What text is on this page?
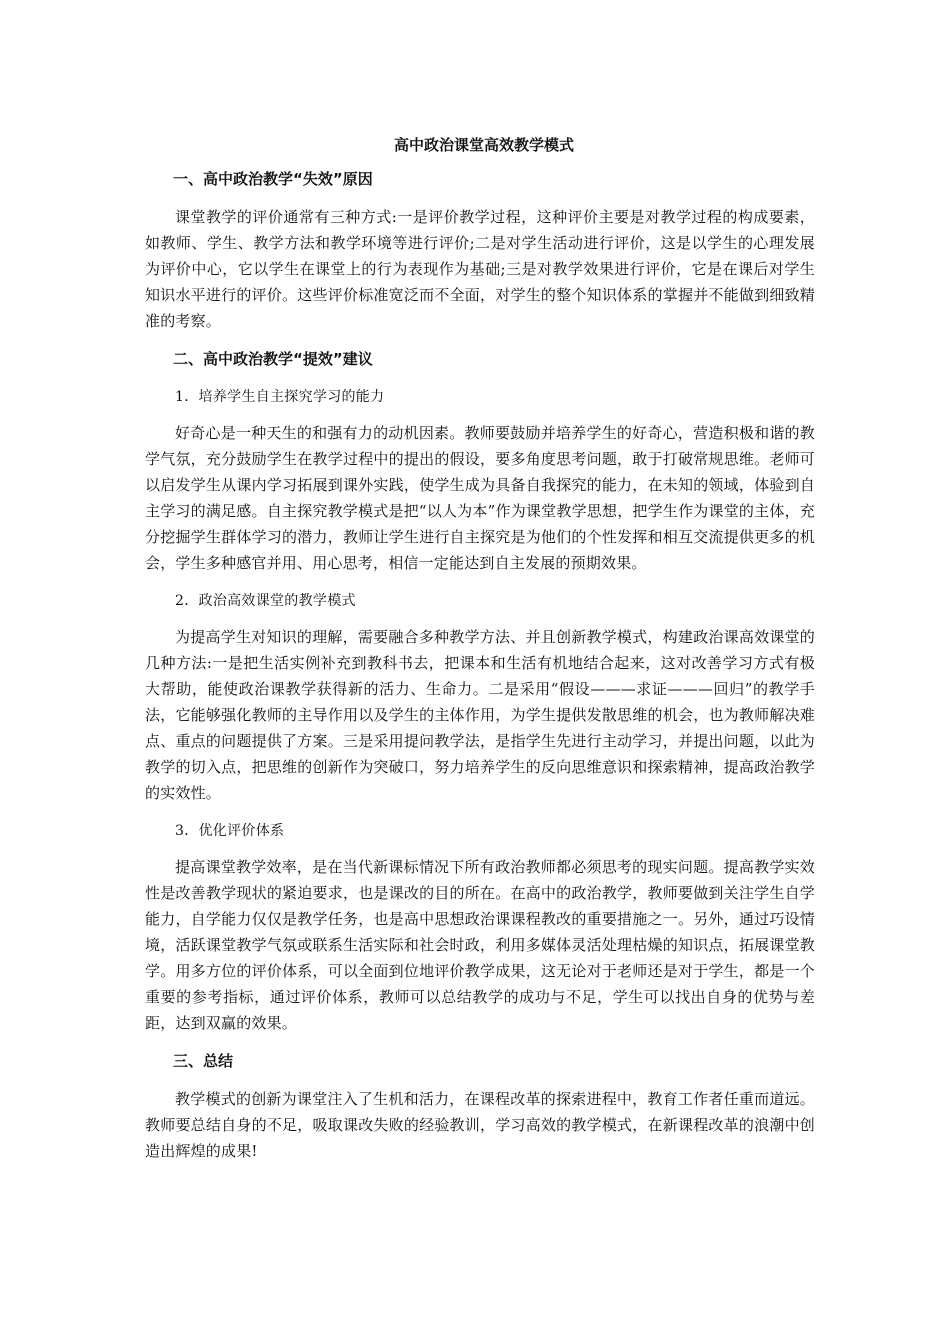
高中政治课堂高效教学模式
一、高中政治教学“失效”原因

课堂教学的评价通常有三种方式:一是评价教学过程，这种评价主要是对教学过程的构成要素，如教师、学生、教学方法和教学环境等进行评价;二是对学生活动进行评价，这是以学生的心理发展为评价中心，它以学生在课堂上的行为表现作为基础;三是对教学效果进行评价，它是在课后对学生知识水平进行的评价。这些评价标准宽泛而不全面，对学生的整个知识体系的掌握并不能做到细致精准的考察。

二、高中政治教学“提效”建议
1．培养学生自主探究学习的能力

好奇心是一种天生的和强有力的动机因素。教师要鼓励并培养学生的好奇心，营造积极和谐的教学气氛，充分鼓励学生在教学过程中的提出的假设，要多角度思考问题，敢于打破常规思维。老师可以启发学生从课内学习拓展到课外实践，使学生成为具备自我探究的能力，在未知的领域，体验到自主学习的满足感。自主探究教学模式是把“以人为本”作为课堂教学思想，把学生作为课堂的主体，充分挖掘学生群体学习的潜力，教师让学生进行自主探究是为他们的个性发挥和相互交流提供更多的机会，学生多种感官并用、用心思考，相信一定能达到自主发展的预期效果。

2．政治高效课堂的教学模式

为提高学生对知识的理解，需要融合多种教学方法、并且创新教学模式，构建政治课高效课堂的几种方法:一是把生活实例补充到教科书去，把课本和生活有机地结合起来，这对改善学习方式有极大帮助，能使政治课教学获得新的活力、生命力。二是采用“假设———求证———回归”的教学手法，它能够强化教师的主导作用以及学生的主体作用，为学生提供发散思维的机会，也为教师解决难点、重点的问题提供了方案。三是采用提问教学法，是指学生先进行主动学习，并提出问题，以此为教学的切入点，把思维的创新作为突破口，努力培养学生的反向思维意识和探索精神，提高政治教学的实效性。

3．优化评价体系

提高课堂教学效率，是在当代新课标情况下所有政治教师都必须思考的现实问题。提高教学实效性是改善教学现状的紧迫要求，也是课改的目的所在。在高中的政治教学，教师要做到关注学生自学能力，自学能力仅仅是教学任务，也是高中思想政治课课程教改的重要措施之一。另外，通过巧设情境，活跃课堂教学气氛或联系生活实际和社会时政，利用多媒体灵活处理枯燥的知识点，拓展课堂教学。用多方位的评价体系，可以全面到位地评价教学成果，这无论对于老师还是对于学生，都是一个重要的参考指标，通过评价体系，教师可以总结教学的成功与不足，学生可以找出自身的优势与差距，达到双赢的效果。

三、总结

教学模式的创新为课堂注入了生机和活力，在课程改革的探索进程中，教育工作者任重而道远。教师要总结自身的不足，吸取课改失败的经验教训，学习高效的教学模式，在新课程改革的浪潮中创造出辉煌的成果!
